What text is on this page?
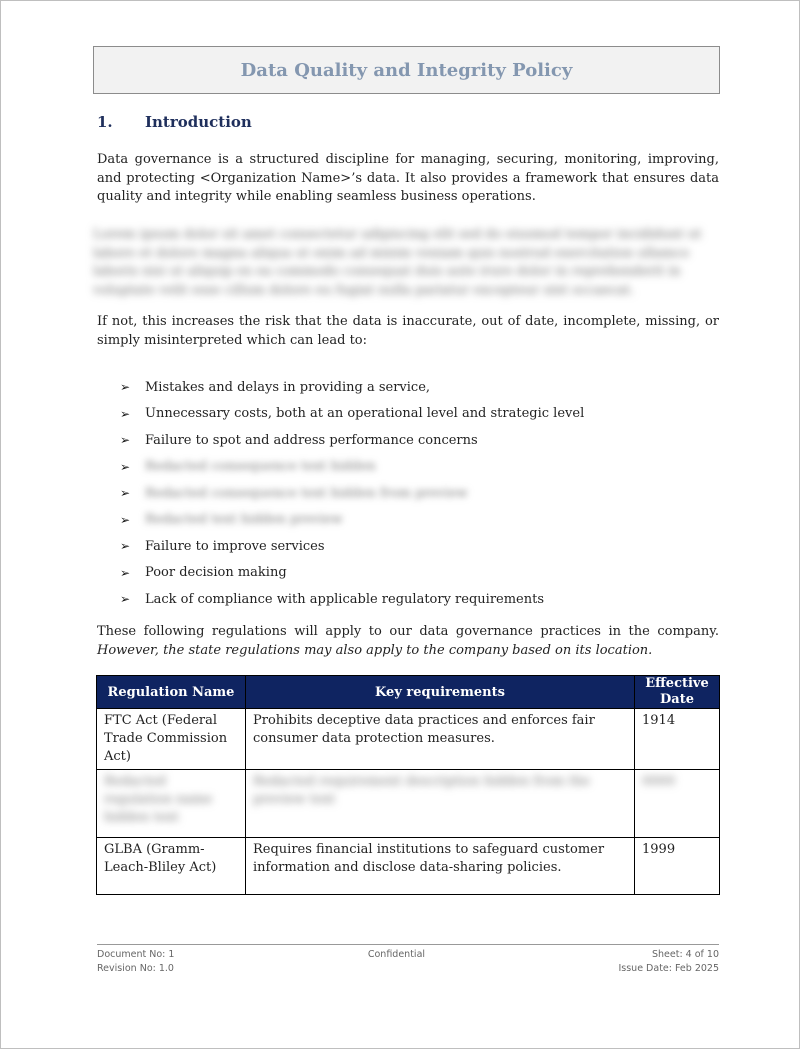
Data Quality and Integrity Policy
1.	Introduction
Data governance is a structured discipline for managing, securing, monitoring, improving, and protecting <Organization Name>’s data. It also provides a framework that ensures data quality and integrity while enabling seamless business operations.
Lorem ipsum dolor sit amet consectetur adipiscing elit sed do eiusmod tempor incididunt ut labore et dolore magna aliqua ut enim ad minim veniam quis nostrud exercitation ullamco laboris nisi ut aliquip ex ea commodo consequat duis aute irure dolor in reprehenderit in voluptate velit esse cillum dolore eu fugiat nulla pariatur excepteur sint occaecat.
If not, this increases the risk that the data is inaccurate, out of date, incomplete, missing, or simply misinterpreted which can lead to:
➢	Mistakes and delays in providing a service,
➢	Unnecessary costs, both at an operational level and strategic level
➢	Failure to spot and address performance concerns
➢	Redacted consequence text hidden
➢	Redacted consequence text hidden from preview
➢	Redacted text hidden preview
➢	Failure to improve services
➢	Poor decision making
➢	Lack of compliance with applicable regulatory requirements
These following regulations will apply to our data governance practices in the company. However, the state regulations may also apply to the company based on its location.
Regulation Name	Key requirements	Effective Date
FTC Act (Federal Trade Commission Act)	Prohibits deceptive data practices and enforces fair consumer data protection measures.	1914
Redacted regulation name hidden text	Redacted requirement description hidden from the preview text	0000
GLBA (Gramm-Leach-Bliley Act)	Requires financial institutions to safeguard customer information and disclose data-sharing policies.	1999
Document No: 1
Revision No: 1.0
Confidential	Sheet: 4 of 10
Issue Date: Feb 2025
